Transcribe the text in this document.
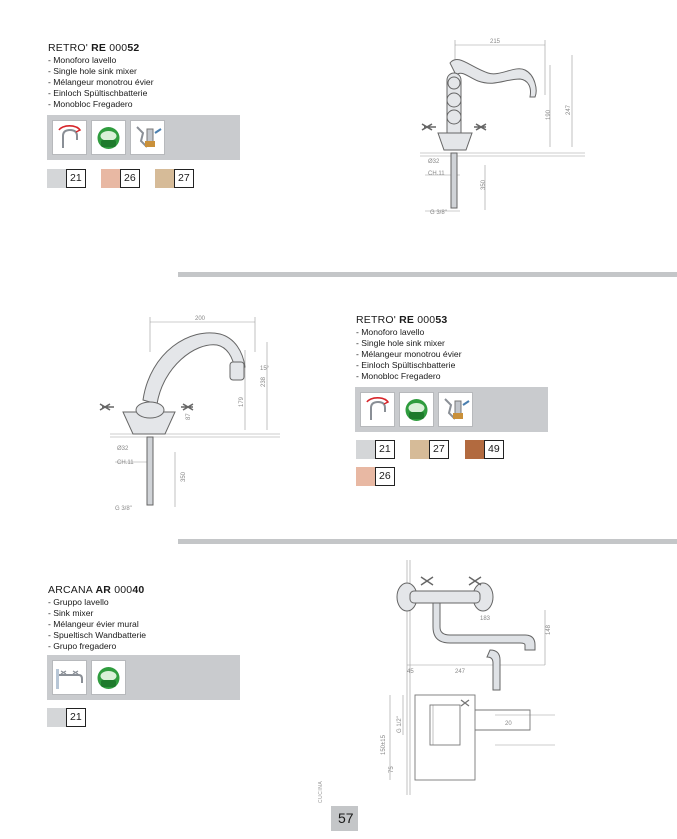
RETRO' RE 00052
- Monoforo lavello
- Single hole sink mixer
- Mélangeur monotrou évier
- Einloch Spültischbatterie
- Monobloc Fregadero
21	26	27
215
190 247
Ø32
CH.11
350
G 3/8"
RETRO' RE 00053
- Monoforo lavello
- Single hole sink mixer
- Mélangeur monotrou évier
- Einloch Spültischbatterie
- Monobloc Fregadero
21	27	49
26
200
179
238
87
Ø32
CH.11
350
G 3/8"
15°
ARCANA AR 00040
- Gruppo lavello
- Sink mixer
- Mélangeur évier mural
- Spueltisch Wandbatterie
- Grupo fregadero
21
148
183
45	247
150±15
G 1/2"
75
20
CUCINA
57
